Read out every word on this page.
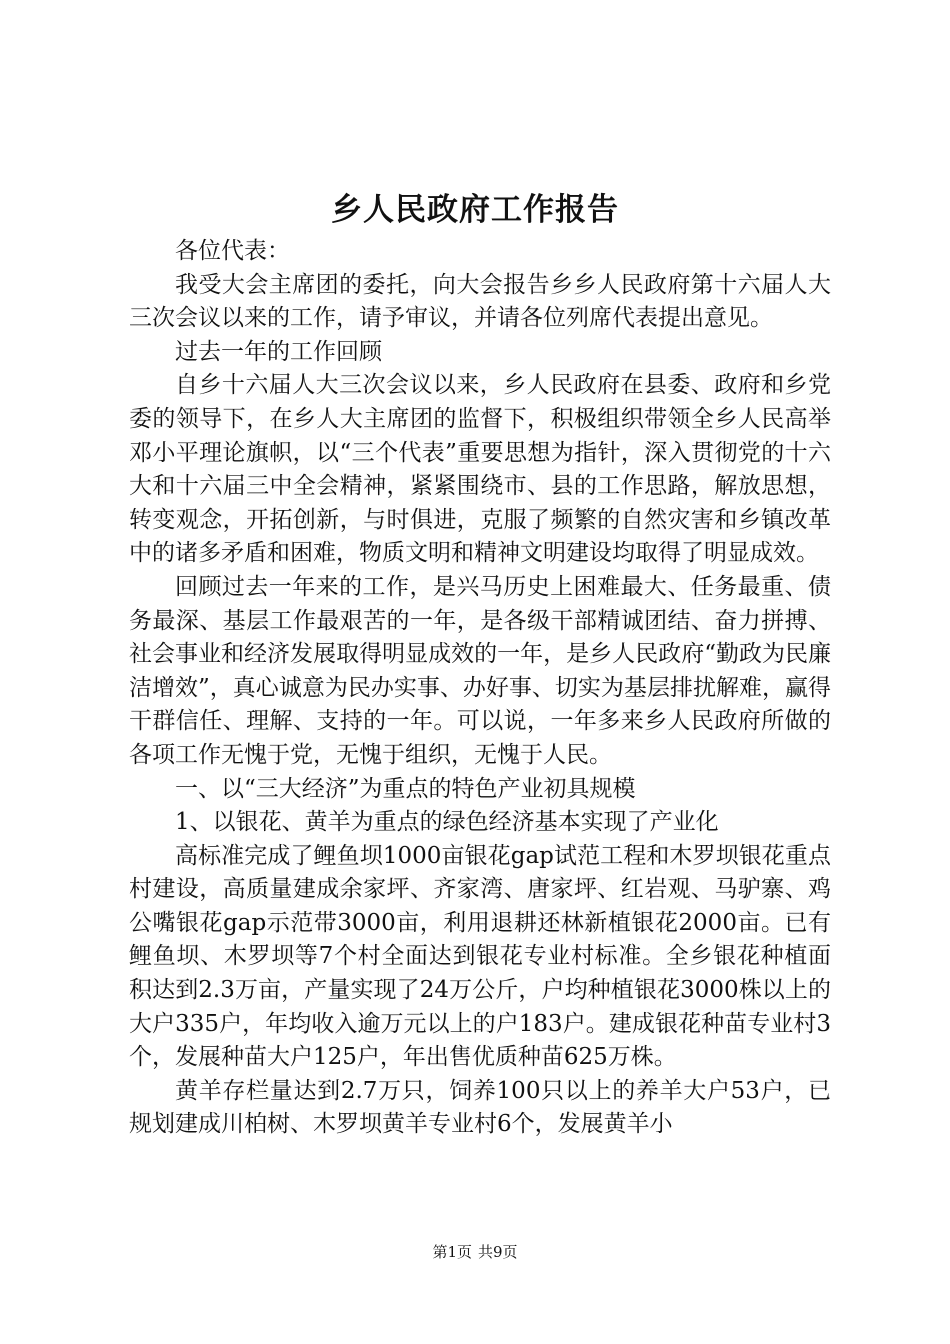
乡人民政府工作报告

各位代表：

我受大会主席团的委托，向大会报告乡乡人民政府第十六届人大三次会议以来的工作，请予审议，并请各位列席代表提出意见。

过去一年的工作回顾

自乡十六届人大三次会议以来，乡人民政府在县委、政府和乡党委的领导下，在乡人大主席团的监督下，积极组织带领全乡人民高举邓小平理论旗帜，以“三个代表”重要思想为指针，深入贯彻党的十六大和十六届三中全会精神，紧紧围绕市、县的工作思路，解放思想，转变观念，开拓创新，与时俱进，克服了频繁的自然灾害和乡镇改革中的诸多矛盾和困难，物质文明和精神文明建设均取得了明显成效。

回顾过去一年来的工作，是兴马历史上困难最大、任务最重、债务最深、基层工作最艰苦的一年，是各级干部精诚团结、奋力拼搏、社会事业和经济发展取得明显成效的一年，是乡人民政府“勤政为民廉洁增效”，真心诚意为民办实事、办好事、切实为基层排扰解难，赢得干群信任、理解、支持的一年。可以说，一年多来乡人民政府所做的各项工作无愧于党，无愧于组织，无愧于人民。

一、以“三大经济”为重点的特色产业初具规模

1、以银花、黄羊为重点的绿色经济基本实现了产业化

高标准完成了鲤鱼坝1000亩银花gap试范工程和木罗坝银花重点村建设，高质量建成余家坪、齐家湾、唐家坪、红岩观、马驴寨、鸡公嘴银花gap示范带3000亩，利用退耕还林新植银花2000亩。已有鲤鱼坝、木罗坝等7个村全面达到银花专业村标准。全乡银花种植面积达到2.3万亩，产量实现了24万公斤，户均种植银花3000株以上的大户335户，年均收入逾万元以上的户183户。建成银花种苗专业村3个，发展种苗大户125户，年出售优质种苗625万株。

黄羊存栏量达到2.7万只，饲养100只以上的养羊大户53户，已规划建成川柏树、木罗坝黄羊专业村6个，发展黄羊小

第1页 共9页
